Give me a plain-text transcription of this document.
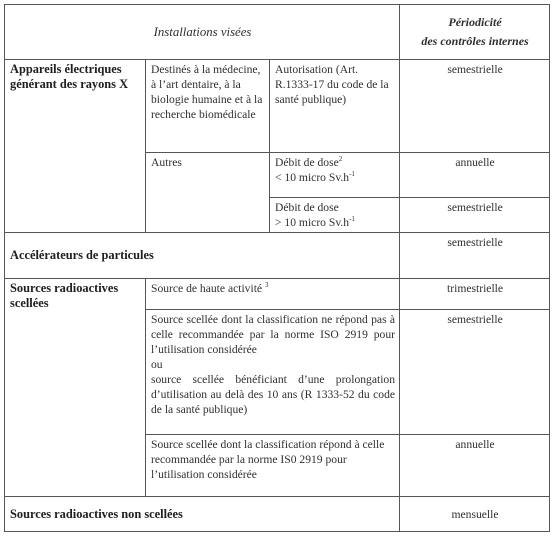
Installations visées			Périodicité
des contrôles internes

Appareils électriques générant des rayons X	Destinés à la médecine, à l’art dentaire, à la biologie humaine et à la recherche biomédicale	Autorisation (Art. R.1333-17 du code de la santé publique)	semestrielle
	Autres	Débit de dose$^2$
< 10 micro $Sv.h^{-1}$	annuelle
		Débit de dose
> 10 micro $Sv.h^{-1}$	semestrielle
Accélérateurs de particules			semestrielle
Sources radioactives scellées	Source de haute activité $^3$		trimestrielle

	Source scellée dont la classification ne répond pas à celle recommandée par la norme ISO 2919 pour l’utilisation considérée
ou
source scellée bénéficiant d’une prolongation d’utilisation au delà des 10 ans (R 1333-52 du code de la santé publique)		semestrielle
	Source scellée dont la classification répond à celle recommandée par la norme IS0 2919 pour l’utilisation considérée		annuelle
Sources radioactives non scellées			mensuelle
